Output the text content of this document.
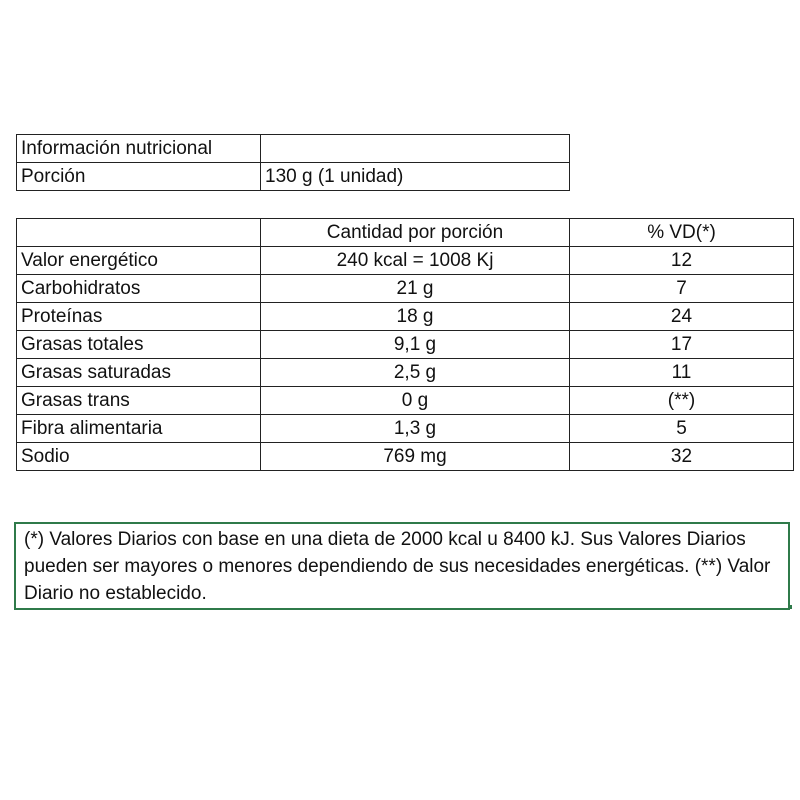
Información nutricional	
Porción	130 g (1 unidad)
	Cantidad por porción	% VD(*)
Valor energético	240 kcal = 1008 Kj	12
Carbohidratos	21 g	7
Proteínas	18 g	24
Grasas totales	9,1 g	17
Grasas saturadas	2,5 g	11
Grasas trans	0 g	(**)
Fibra alimentaria	1,3 g	5
Sodio	769 mg	32
(*) Valores Diarios con base en una dieta de 2000 kcal u 8400 kJ. Sus Valores Diarios pueden ser mayores o menores dependiendo de sus necesidades energéticas. (**) Valor Diario no establecido.
